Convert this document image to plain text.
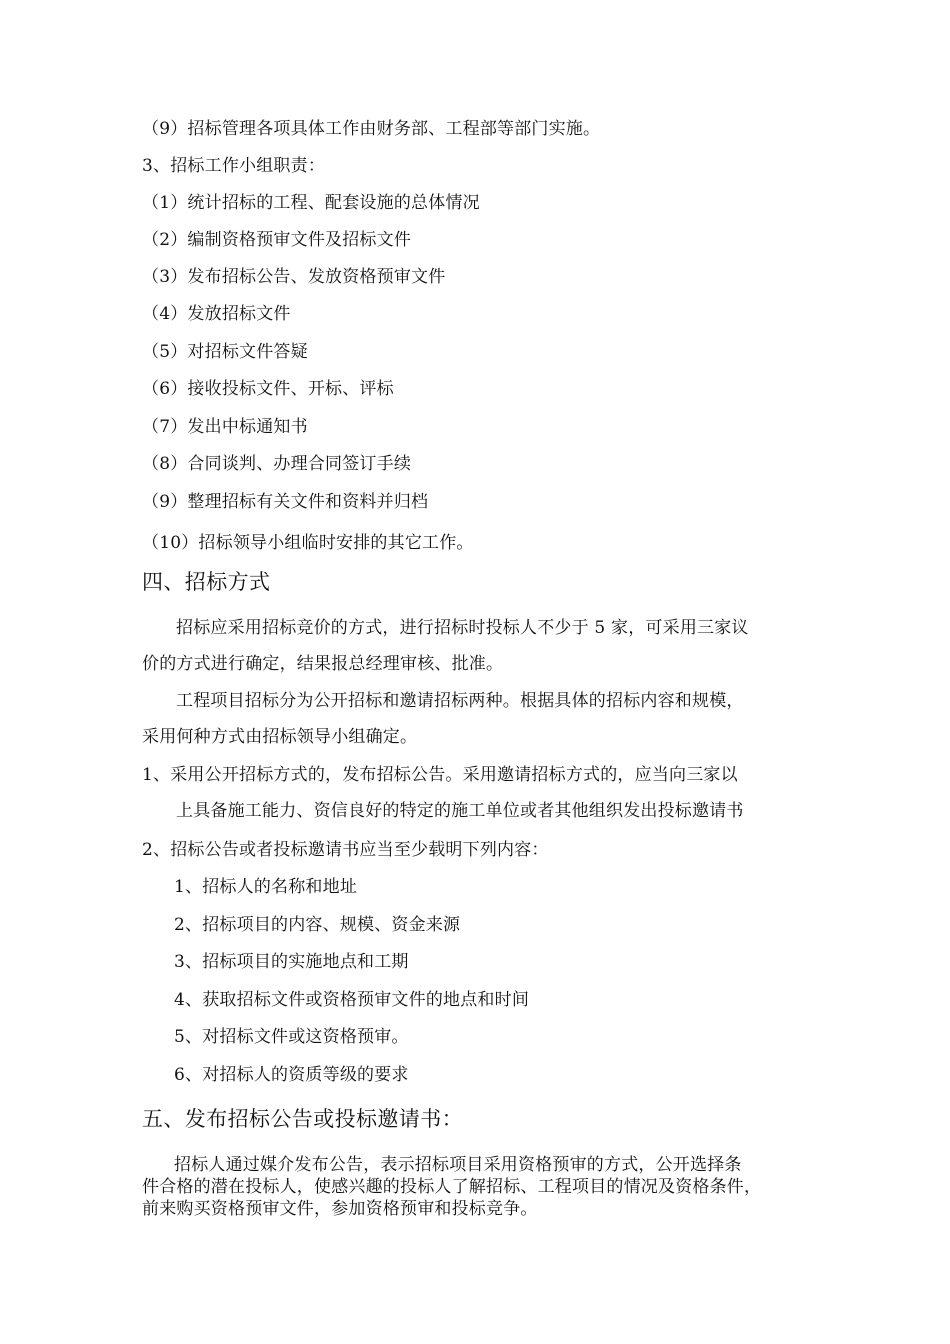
（9）招标管理各项具体工作由财务部、工程部等部门实施。
3、招标工作小组职责：
（1）统计招标的工程、配套设施的总体情况
（2）编制资格预审文件及招标文件
（3）发布招标公告、发放资格预审文件
（4）发放招标文件
（5）对招标文件答疑
（6）接收投标文件、开标、评标
（7）发出中标通知书
（8）合同谈判、办理合同签订手续
（9）整理招标有关文件和资料并归档
（10）招标领导小组临时安排的其它工作。
四、招标方式
招标应采用招标竞价的方式，进行招标时投标人不少于 5 家，可采用三家议
价的方式进行确定，结果报总经理审核、批准。
工程项目招标分为公开招标和邀请招标两种。根据具体的招标内容和规模，
采用何种方式由招标领导小组确定。
1、采用公开招标方式的，发布招标公告。采用邀请招标方式的，应当向三家以
上具备施工能力、资信良好的特定的施工单位或者其他组织发出投标邀请书
2、招标公告或者投标邀请书应当至少载明下列内容：
1、招标人的名称和地址
2、招标项目的内容、规模、资金来源
3、招标项目的实施地点和工期
4、获取招标文件或资格预审文件的地点和时间
5、对招标文件或这资格预审。
6、对招标人的资质等级的要求
五、发布招标公告或投标邀请书：
招标人通过媒介发布公告，表示招标项目采用资格预审的方式，公开选择条
件合格的潜在投标人，使感兴趣的投标人了解招标、工程项目的情况及资格条件，
前来购买资格预审文件，参加资格预审和投标竞争。
